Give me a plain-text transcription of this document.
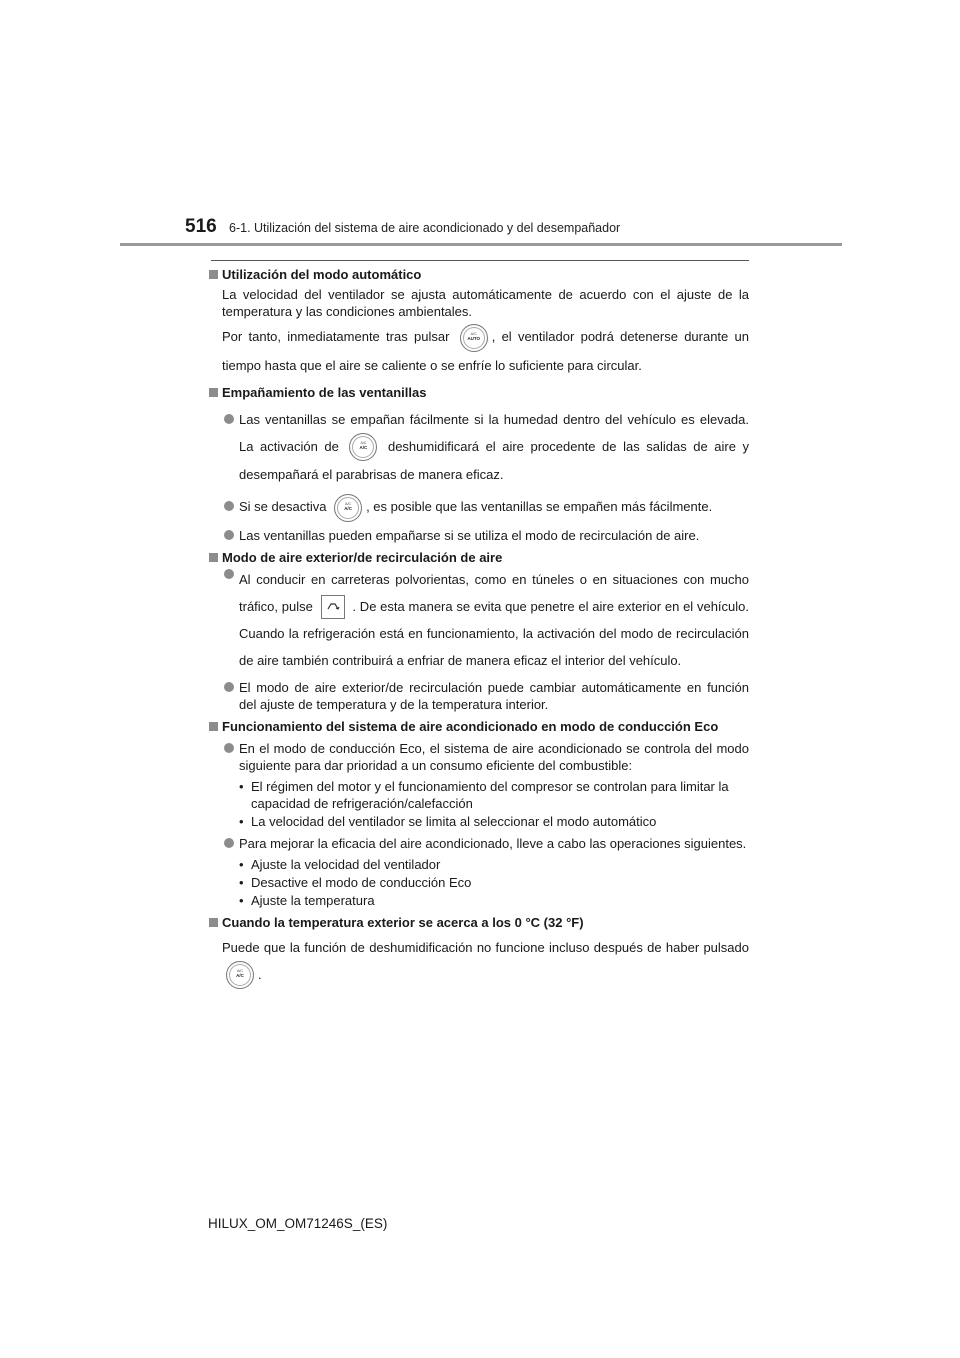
516 6-1. Utilización del sistema de aire acondicionado y del desempañador
Utilización del modo automático
La velocidad del ventilador se ajusta automáticamente de acuerdo con el ajuste de la temperatura y las condiciones ambientales.
Por tanto, inmediatamente tras pulsar	A/C
AUTO , el ventilador podrá detenerse durante un tiempo hasta que el aire se caliente o se enfríe lo suficiente para circular.
Empañamiento de las ventanillas
Las ventanillas se empañan fácilmente si la humedad dentro del vehículo es elevada. La activación de	A/C
A/C	deshumidificará el aire procedente de las salidas de aire y desempañará el parabrisas de manera eficaz.
Si se desactiva	A/C
A/C	, es posible que las ventanillas se empañen más fácilmente.
Las ventanillas pueden empañarse si se utiliza el modo de recirculación de aire.
Modo de aire exterior/de recirculación de aire
Al conducir en carreteras polvorientas, como en túneles o en situaciones con mucho tráfico, pulse	. De esta manera se evita que penetre el aire exterior en el vehículo. Cuando la refrigeración está en funcionamiento, la activación del modo de recirculación de aire también contribuirá a enfriar de manera eficaz el interior del vehículo.
El modo de aire exterior/de recirculación puede cambiar automáticamente en función del ajuste de temperatura y de la temperatura interior.
Funcionamiento del sistema de aire acondicionado en modo de conducción Eco
En el modo de conducción Eco, el sistema de aire acondicionado se controla del modo siguiente para dar prioridad a un consumo eficiente del combustible:
• El régimen del motor y el funcionamiento del compresor se controlan para limitar la capacidad de refrigeración/calefacción
• La velocidad del ventilador se limita al seleccionar el modo automático
Para mejorar la eficacia del aire acondicionado, lleve a cabo las operaciones siguientes.
• Ajuste la velocidad del ventilador
• Desactive el modo de conducción Eco
• Ajuste la temperatura
Cuando la temperatura exterior se acerca a los 0 °C (32 °F)
Puede que la función de deshumidificación no funcione incluso después de haber pulsado
A/C
A/C	.
HILUX_OM_OM71246S_(ES)
